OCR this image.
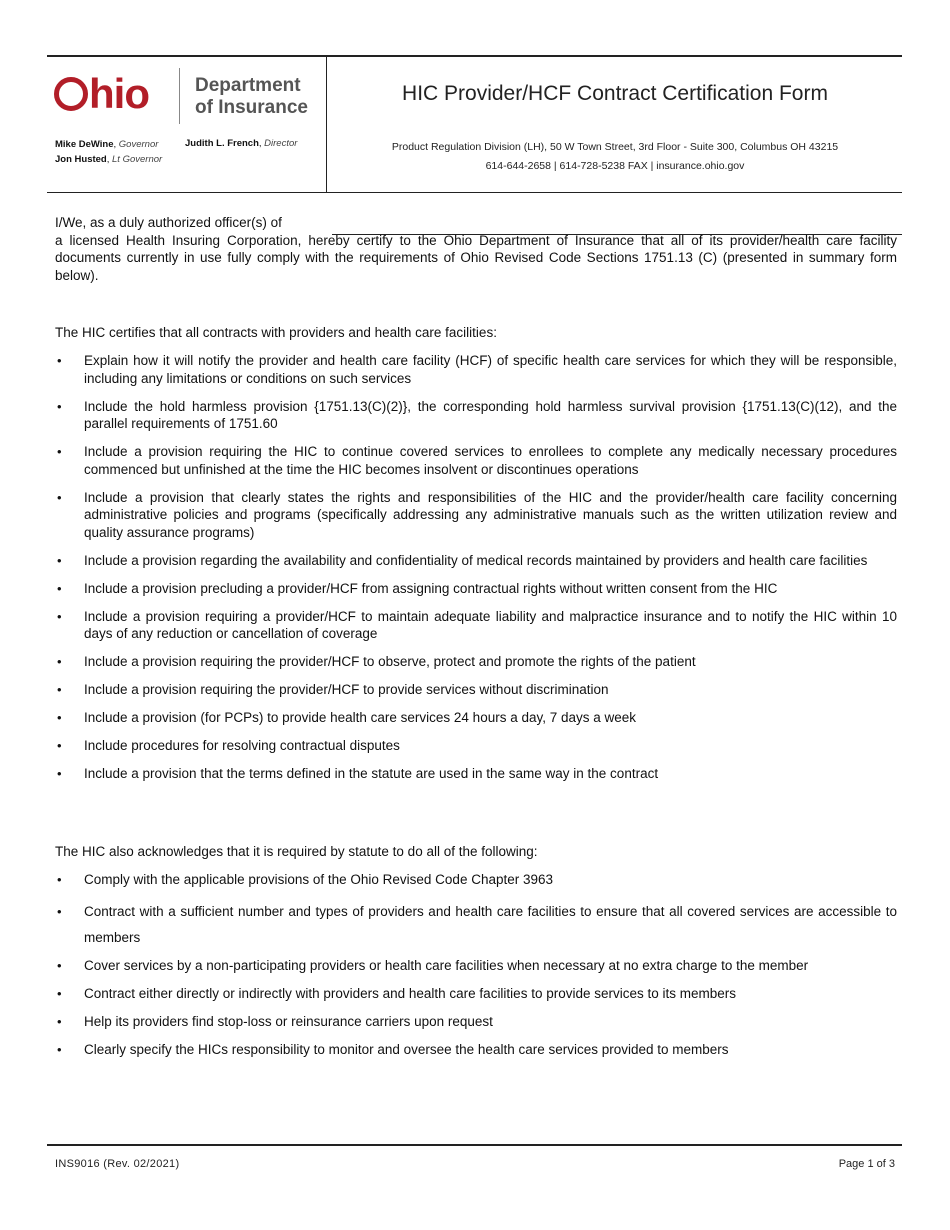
hio Department
of Insurance
Mike DeWine, Governor
Jon Husted, Lt Governor
Judith L. French, Director
HIC Provider/HCF Contract Certification Form
Product Regulation Division (LH), 50 W Town Street, 3rd Floor - Suite 300, Columbus OH 43215
614-644-2658 | 614-728-5238 FAX | insurance.ohio.gov
I/We, as a duly authorized officer(s) of
a licensed Health Insuring Corporation, hereby certify to the Ohio Department of Insurance that all of its provider/health care facility documents currently in use fully comply with the requirements of Ohio Revised Code Sections 1751.13 (C) (presented in summary form below).
The HIC certifies that all contracts with providers and health care facilities:
• Explain how it will notify the provider and health care facility (HCF) of specific health care services for which they will be responsible, including any limitations or conditions on such services
• Include the hold harmless provision {1751.13(C)(2)}, the corresponding hold harmless survival provision {1751.13(C)(12), and the parallel requirements of 1751.60
• Include a provision requiring the HIC to continue covered services to enrollees to complete any medically necessary procedures commenced but unfinished at the time the HIC becomes insolvent or discontinues operations
• Include a provision that clearly states the rights and responsibilities of the HIC and the provider/health care facility concerning administrative policies and programs (specifically addressing any administrative manuals such as the written utilization review and quality assurance programs)
• Include a provision regarding the availability and confidentiality of medical records maintained by providers and health care facilities
• Include a provision precluding a provider/HCF from assigning contractual rights without written consent from the HIC
• Include a provision requiring a provider/HCF to maintain adequate liability and malpractice insurance and to notify the HIC within 10 days of any reduction or cancellation of coverage
• Include a provision requiring the provider/HCF to observe, protect and promote the rights of the patient
• Include a provision requiring the provider/HCF to provide services without discrimination
• Include a provision (for PCPs) to provide health care services 24 hours a day, 7 days a week
• Include procedures for resolving contractual disputes
• Include a provision that the terms defined in the statute are used in the same way in the contract
The HIC also acknowledges that it is required by statute to do all of the following:
• Comply with the applicable provisions of the Ohio Revised Code Chapter 3963
• Contract with a sufficient number and types of providers and health care facilities to ensure that all covered services are accessible to members
• Cover services by a non-participating providers or health care facilities when necessary at no extra charge to the member
• Contract either directly or indirectly with providers and health care facilities to provide services to its members
• Help its providers find stop-loss or reinsurance carriers upon request
• Clearly specify the HICs responsibility to monitor and oversee the health care services provided to members
INS9016 (Rev. 02/2021)	Page 1 of 3
